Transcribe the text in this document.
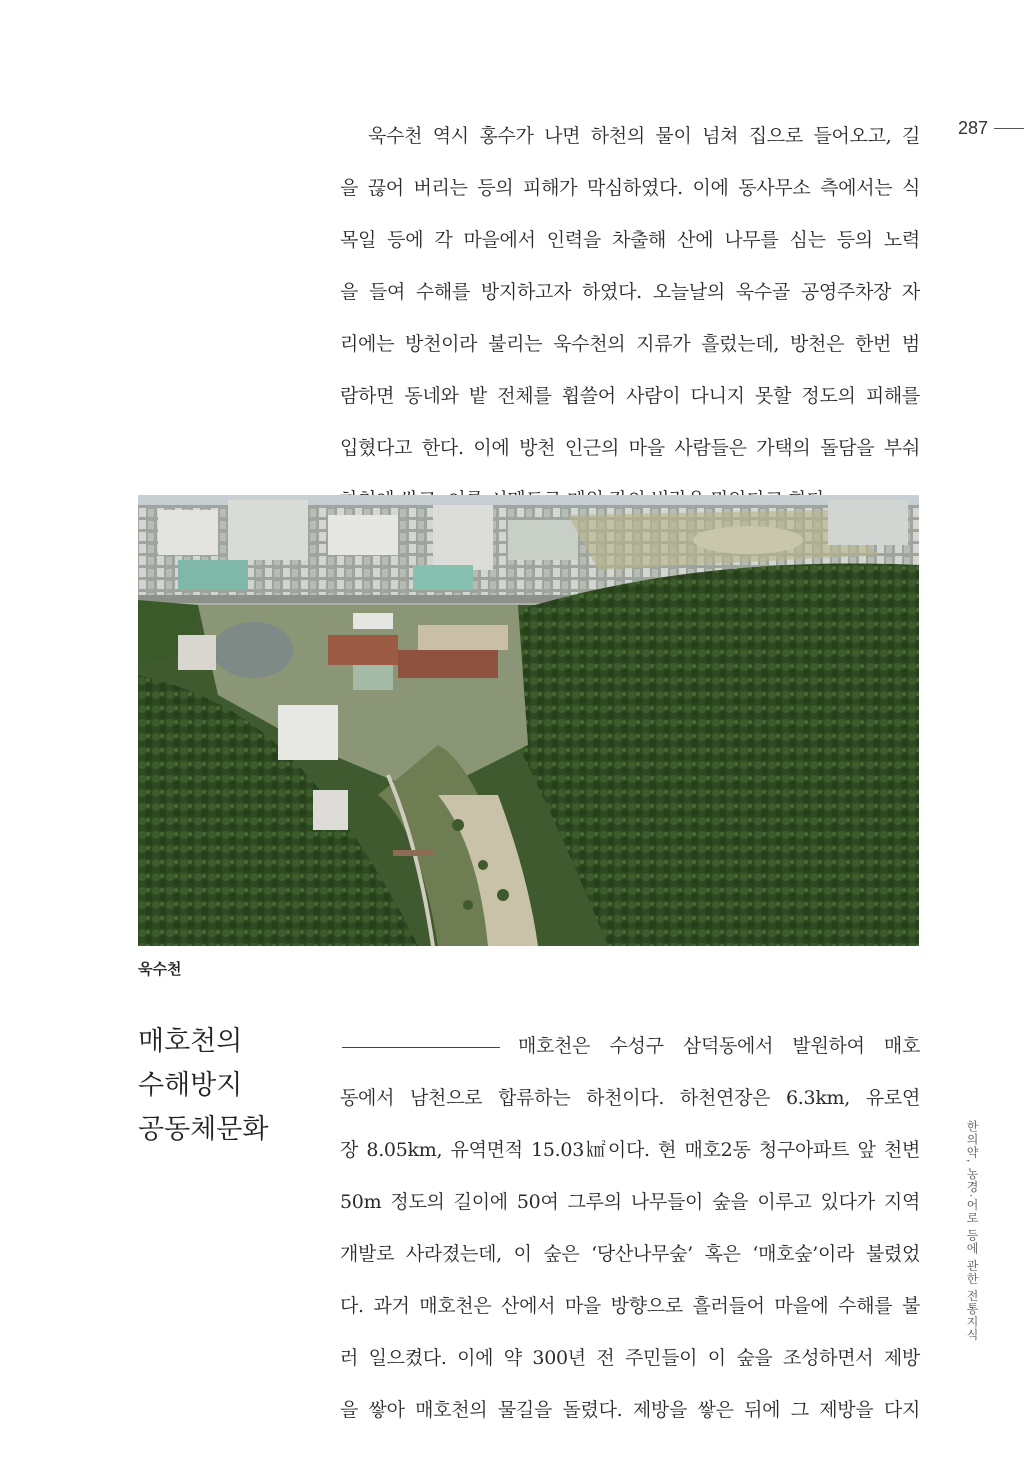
287

욱수천 역시 홍수가 나면 하천의 물이 넘쳐 집으로 들어오고, 길
을 끊어 버리는 등의 피해가 막심하였다. 이에 동사무소 측에서는 식
목일 등에 각 마을에서 인력을 차출해 산에 나무를 심는 등의 노력
을 들여 수해를 방지하고자 하였다. 오늘날의 욱수골 공영주차장 자
리에는 방천이라 불리는 욱수천의 지류가 흘렀는데, 방천은 한번 범
람하면 동네와 밭 전체를 휩쓸어 사람이 다니지 못할 정도의 피해를
입혔다고 한다. 이에 방천 인근의 마을 사람들은 가택의 돌담을 부숴

욱수천
매호천의
수해방지
공동체문화

매호천은 수성구 삼덕동에서 발원하여 매호
동에서 남천으로 합류하는 하천이다. 하천연장은 6.3km, 유로연
장 8.05km, 유역면적 15.03㎢이다. 현 매호2동 청구아파트 앞 천변
50m 정도의 길이에 50여 그루의 나무들이 숲을 이루고 있다가 지역
개발로 사라졌는데, 이 숲은 ‘당산나무숲’ 혹은 ‘매호숲’이라 불렸었
다. 과거 매호천은 산에서 마을 방향으로 흘러들어 마을에 수해를 불
러 일으켰다. 이에 약 300년 전 주민들이 이 숲을 조성하면서 제방
을 쌓아 매호천의 물길을 돌렸다. 제방을 쌓은 뒤에 그 제방을 다지

한의약, 농경·어로 등에 관한 전통지식
